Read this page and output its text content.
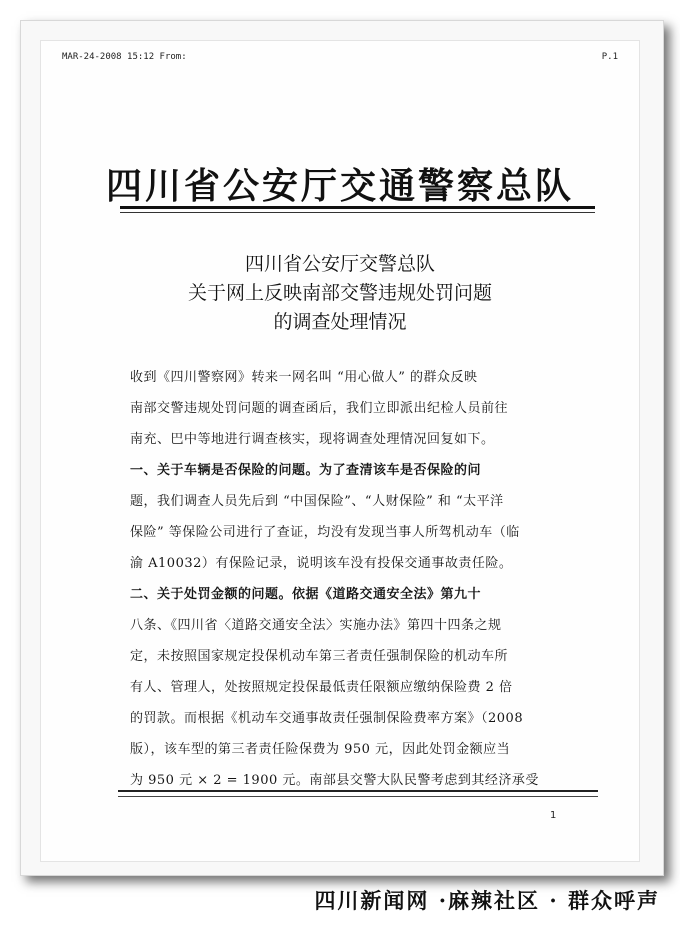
MAR-24-2008 15:12 From:	P.1
四川省公安厅交通警察总队
四川省公安厅交警总队
关于网上反映南部交警违规处罚问题
的调查处理情况
收到《四川警察网》转来一网名叫 “用心做人” 的群众反映
南部交警违规处罚问题的调查函后，我们立即派出纪检人员前往
南充、巴中等地进行调查核实，现将调查处理情况回复如下。
一、关于车辆是否保险的问题。为了查清该车是否保险的问
题，我们调查人员先后到 “中国保险”、“人财保险” 和 “太平洋
保险” 等保险公司进行了查证，均没有发现当事人所驾机动车（临
渝 A10032）有保险记录，说明该车没有投保交通事故责任险。
二、关于处罚金额的问题。依据《道路交通安全法》第九十
八条、《四川省〈道路交通安全法〉实施办法》第四十四条之规
定，未按照国家规定投保机动车第三者责任强制保险的机动车所
有人、管理人，处按照规定投保最低责任限额应缴纳保险费 2 倍
的罚款。而根据《机动车交通事故责任强制保险费率方案》（2008
版），该车型的第三者责任险保费为 950 元，因此处罚金额应当
为 950 元 × 2 = 1900 元。南部县交警大队民警考虑到其经济承受
1
四川新闻网 ·麻辣社区 · 群众呼声
